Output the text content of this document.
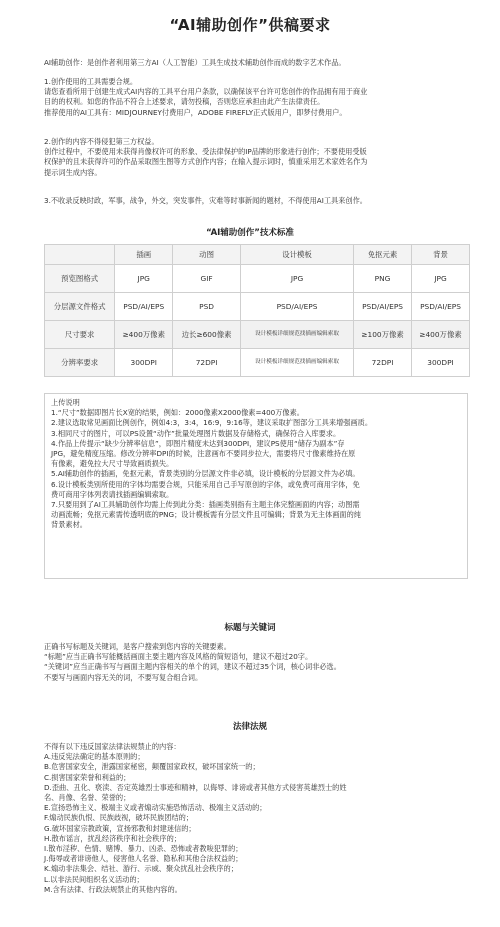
“AI辅助创作”供稿要求
AI辅助创作：是创作者利用第三方AI（人工智能）工具生成技术辅助创作而成的数字艺术作品。
1.创作使用的工具需要合规。
请您查看所用于创建生成式AI内容的工具平台用户条款，以确保该平台许可您创作的作品拥有用于商业
目的的权利。如您的作品不符合上述要求，请勿投稿，否则您应承担由此产生法律责任。
推荐使用的AI工具有：MIDJOURNEY付费用户，ADOBE FIREFLY正式版用户，即梦付费用户。
2.创作的内容不得侵犯第三方权益。
创作过程中，不要使用未获得肖像权许可的形象、受法律保护的IP品牌的形象进行创作；不要使用受版
权保护的且未获得许可的作品采取图生图等方式创作内容；在输入提示词时，慎重采用艺术家姓名作为
提示词生成内容。
3.不收录反映时政，军事，战争，外交，突发事件，灾难等时事新闻的题材，不得使用AI工具来创作。
“AI辅助创作”技术标准
	插画	动图	设计模板	免抠元素	背景
预览图格式	JPG	GIF	JPG	PNG	JPG
分层源文件格式	PSD/AI/EPS	PSD	PSD/AI/EPS	PSD/AI/EPS	PSD/AI/EPS
尺寸要求	≥400万像素	边长≥600像素	设计模板详细规范找插画编辑索取	≥100万像素	≥400万像素
分辨率要求	300DPI	72DPI	设计模板详细规范找插画编辑索取	72DPI	300DPI
上传说明
1.“尺寸”数据即图片长X宽的结果，例如：2000像素X2000像素=400万像素。
2.建议选取常见画面比例创作，例如4:3，3:4，16:9，9:16等，建议采取扩图部分工具来增强画质。
3.相同尺寸的图片，可以PS设置“动作”批量处理图片数据及存储格式，确保符合入库要求。
4.作品上传提示“缺少分辨率信息”，即图片精度未达到300DPI，建议PS使用“储存为副本”存
JPG，避免精度压缩。修改分辨率DPI的时候，注意画布不要同步拉大，需要将尺寸像素维持在原
有像素，避免拉大尺寸导致画质损失。
5.AI辅助创作的插画，免抠元素，背景类别的分层源文件非必填，设计模板的分层源文件为必填。
6.设计模板类别所使用的字体均需要合规，只能采用自己手写原创的字体，或免费可商用字体，免
费可商用字体列表请找插画编辑索取。
7.只要用到了AI工具辅助创作均需上传到此分类：插画类别指有主题主体完整画面的内容；动图需
动画流畅；免抠元素需传透明底的PNG；设计模板需有分层文件且可编辑；背景为无主体画面的纯
背景素材。
标题与关键词
正确书写标题及关键词，是客户搜索到您内容的关键要素。
“标题”应当正确书写能概括画面主要主题内容及风格的简短语句，建议不超过20字。
“关键词”应当正确书写与画面主题内容相关的单个的词，建议不超过35个词，核心词非必选。
不要写与画面内容无关的词，不要写复合组合词。
法律法规
不得有以下违反国家法律法规禁止的内容：
A.违反宪法确定的基本原则的；
B.危害国家安全，泄露国家秘密，颠覆国家政权，破坏国家统一的；
C.损害国家荣誉和利益的；
D.歪曲、丑化、亵渎、否定英雄烈士事迹和精神，以侮辱、诽谤或者其他方式侵害英雄烈士的姓
名、肖像、名誉、荣誉的；
E.宣扬恐怖主义、极端主义或者煽动实施恐怖活动、极端主义活动的；
F.煽动民族仇恨、民族歧视，破坏民族团结的；
G.破坏国家宗教政策，宣扬邪教和封建迷信的；
H.散布谣言，扰乱经济秩序和社会秩序的；
I.散布淫秽、色情、赌博、暴力、凶杀、恐怖或者教唆犯罪的；
J.侮辱或者诽谤他人，侵害他人名誉、隐私和其他合法权益的；
K.煽动非法集会、结社、游行、示威、聚众扰乱社会秩序的；
L.以非法民间组织名义活动的；
M.含有法律、行政法规禁止的其他内容的。
